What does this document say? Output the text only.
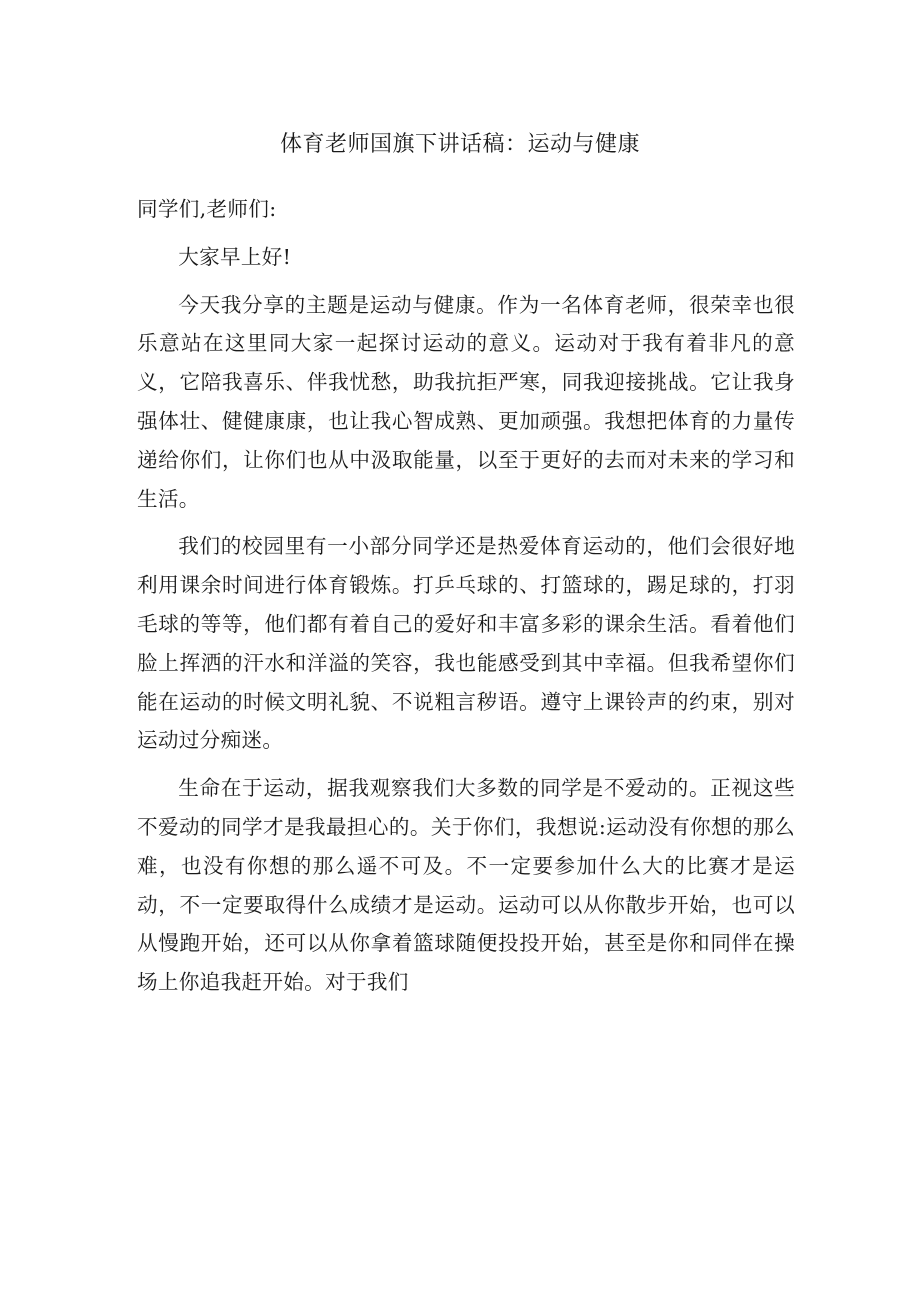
体育老师国旗下讲话稿：运动与健康

同学们,老师们:

大家早上好!

今天我分享的主题是运动与健康。作为一名体育老师，很荣幸也很乐意站在这里同大家一起探讨运动的意义。运动对于我有着非凡的意义，它陪我喜乐、伴我忧愁，助我抗拒严寒，同我迎接挑战。它让我身强体壮、健健康康，也让我心智成熟、更加顽强。我想把体育的力量传递给你们，让你们也从中汲取能量，以至于更好的去而对未来的学习和生活。

我们的校园里有一小部分同学还是热爱体育运动的，他们会很好地利用课余时间进行体育锻炼。打乒乓球的、打篮球的，踢足球的，打羽毛球的等等，他们都有着自己的爱好和丰富多彩的课余生活。看着他们脸上挥洒的汗水和洋溢的笑容，我也能感受到其中幸福。但我希望你们能在运动的时候文明礼貌、不说粗言秽语。遵守上课铃声的约束，别对运动过分痴迷。

生命在于运动，据我观察我们大多数的同学是不爱动的。正视这些不爱动的同学才是我最担心的。关于你们，我想说:运动没有你想的那么难，也没有你想的那么遥不可及。不一定要参加什么大的比赛才是运动，不一定要取得什么成绩才是运动。运动可以从你散步开始，也可以从慢跑开始，还可以从你拿着篮球随便投投开始，甚至是你和同伴在操场上你追我赶开始。对于我们
